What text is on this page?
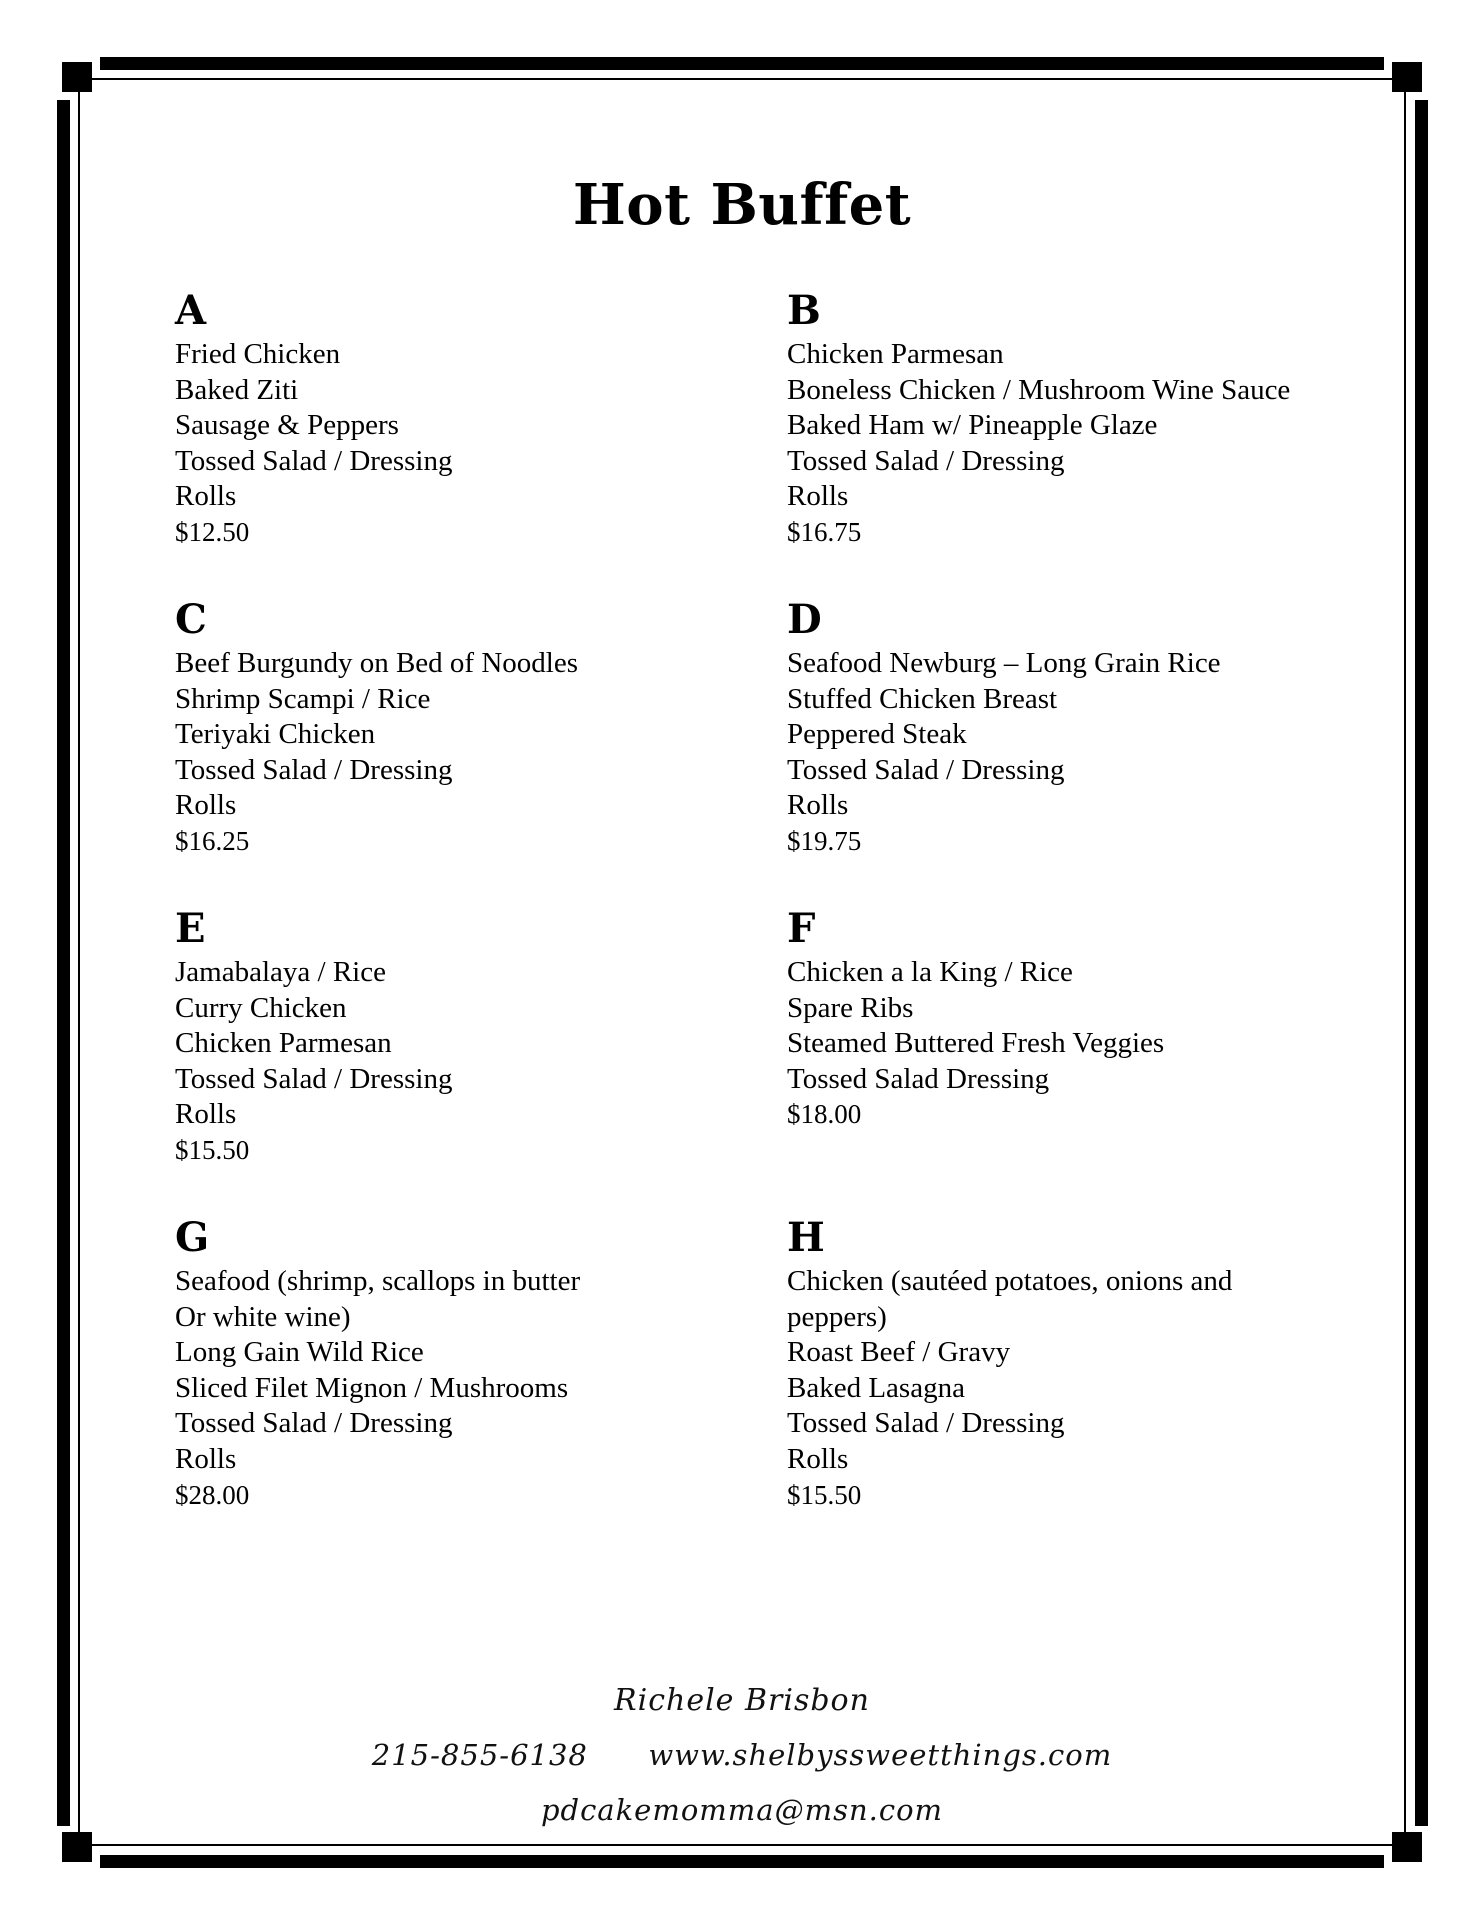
Hot Buffet
A
Fried Chicken
Baked Ziti
Sausage & Peppers
Tossed Salad / Dressing
Rolls
$12.50
B
Chicken Parmesan
Boneless Chicken / Mushroom Wine Sauce
Baked Ham w/ Pineapple Glaze
Tossed Salad / Dressing
Rolls
$16.75
C
Beef Burgundy on Bed of Noodles
Shrimp Scampi / Rice
Teriyaki Chicken
Tossed Salad / Dressing
Rolls
$16.25
D
Seafood Newburg – Long Grain Rice
Stuffed Chicken Breast
Peppered Steak
Tossed Salad / Dressing
Rolls
$19.75
E
Jamabalaya / Rice
Curry Chicken
Chicken Parmesan
Tossed Salad / Dressing
Rolls
$15.50
F
Chicken a la King / Rice
Spare Ribs
Steamed Buttered Fresh Veggies
Tossed Salad Dressing
$18.00
G
Seafood (shrimp, scallops in butter
Or white wine)
Long Gain Wild Rice
Sliced Filet Mignon / Mushrooms
Tossed Salad / Dressing
Rolls
$28.00
H
Chicken (sautéed potatoes, onions and
peppers)
Roast Beef / Gravy
Baked Lasagna
Tossed Salad / Dressing
Rolls
$15.50
Richele Brisbon
215-855-6138 www.shelbyssweetthings.com
pdcakemomma@msn.com
